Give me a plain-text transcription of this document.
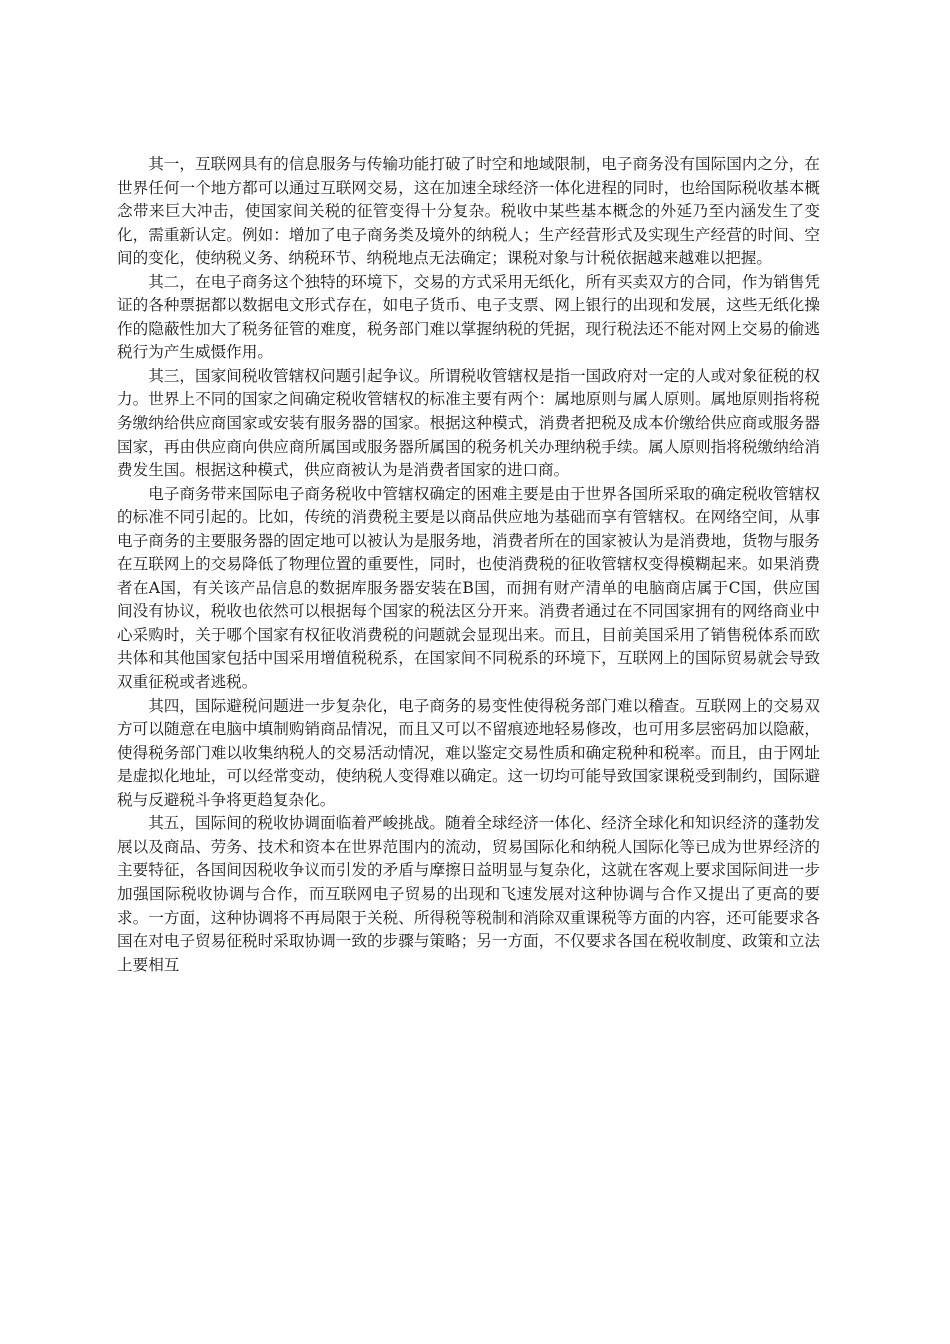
其一，互联网具有的信息服务与传输功能打破了时空和地域限制，电子商务没有国际国内之分，在世界任何一个地方都可以通过互联网交易，这在加速全球经济一体化进程的同时，也给国际税收基本概念带来巨大冲击，使国家间关税的征管变得十分复杂。税收中某些基本概念的外延乃至内涵发生了变化，需重新认定。例如：增加了电子商务类及境外的纳税人；生产经营形式及实现生产经营的时间、空间的变化，使纳税义务、纳税环节、纳税地点无法确定；课税对象与计税依据越来越难以把握。

其二，在电子商务这个独特的环境下，交易的方式采用无纸化，所有买卖双方的合同，作为销售凭证的各种票据都以数据电文形式存在，如电子货币、电子支票、网上银行的出现和发展，这些无纸化操作的隐蔽性加大了税务征管的难度，税务部门难以掌握纳税的凭据，现行税法还不能对网上交易的偷逃税行为产生威慑作用。

其三，国家间税收管辖权问题引起争议。所谓税收管辖权是指一国政府对一定的人或对象征税的权力。世界上不同的国家之间确定税收管辖权的标准主要有两个：属地原则与属人原则。属地原则指将税务缴纳给供应商国家或安装有服务器的国家。根据这种模式，消费者把税及成本价缴给供应商或服务器国家，再由供应商向供应商所属国或服务器所属国的税务机关办理纳税手续。属人原则指将税缴纳给消费发生国。根据这种模式，供应商被认为是消费者国家的进口商。

电子商务带来国际电子商务税收中管辖权确定的困难主要是由于世界各国所采取的确定税收管辖权的标准不同引起的。比如，传统的消费税主要是以商品供应地为基础而享有管辖权。在网络空间，从事电子商务的主要服务器的固定地可以被认为是服务地，消费者所在的国家被认为是消费地，货物与服务在互联网上的交易降低了物理位置的重要性，同时，也使消费税的征收管辖权变得模糊起来。如果消费者在A国，有关该产品信息的数据库服务器安装在B国，而拥有财产清单的电脑商店属于C国，供应国间没有协议，税收也依然可以根据每个国家的税法区分开来。消费者通过在不同国家拥有的网络商业中心采购时，关于哪个国家有权征收消费税的问题就会显现出来。而且，目前美国采用了销售税体系而欧共体和其他国家包括中国采用增值税税系，在国家间不同税系的环境下，互联网上的国际贸易就会导致双重征税或者逃税。

其四，国际避税问题进一步复杂化，电子商务的易变性使得税务部门难以稽查。互联网上的交易双方可以随意在电脑中填制购销商品情况，而且又可以不留痕迹地轻易修改，也可用多层密码加以隐蔽，使得税务部门难以收集纳税人的交易活动情况，难以鉴定交易性质和确定税种和税率。而且，由于网址是虚拟化地址，可以经常变动，使纳税人变得难以确定。这一切均可能导致国家课税受到制约，国际避税与反避税斗争将更趋复杂化。

其五，国际间的税收协调面临着严峻挑战。随着全球经济一体化、经济全球化和知识经济的蓬勃发展以及商品、劳务、技术和资本在世界范围内的流动，贸易国际化和纳税人国际化等已成为世界经济的主要特征，各国间因税收争议而引发的矛盾与摩擦日益明显与复杂化，这就在客观上要求国际间进一步加强国际税收协调与合作，而互联网电子贸易的出现和飞速发展对这种协调与合作又提出了更高的要求。一方面，这种协调将不再局限于关税、所得税等税制和消除双重课税等方面的内容，还可能要求各国在对电子贸易征税时采取协调一致的步骤与策略；另一方面，不仅要求各国在税收制度、政策和立法上要相互
